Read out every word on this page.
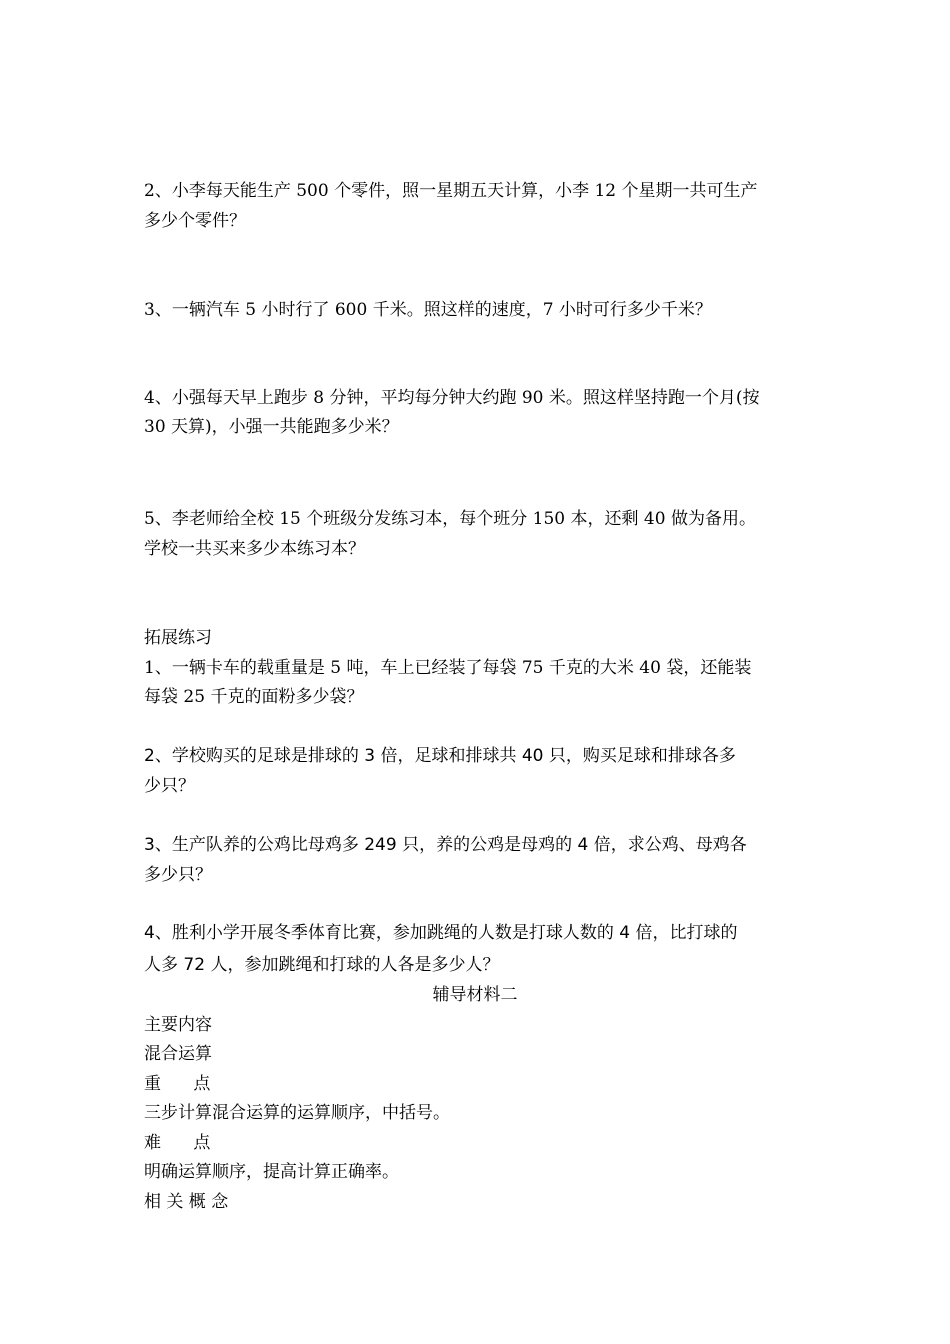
2、小李每天能生产 500 个零件，照一星期五天计算，小李 12 个星期一共可生产
多少个零件？
3、一辆汽车 5 小时行了 600 千米。照这样的速度，7 小时可行多少千米？
4、小强每天早上跑步 8 分钟，平均每分钟大约跑 90 米。照这样坚持跑一个月(按
30 天算)，小强一共能跑多少米？
5、李老师给全校 15 个班级分发练习本，每个班分 150 本，还剩 40 做为备用。
学校一共买来多少本练习本？
拓展练习
1、一辆卡车的载重量是 5 吨，车上已经装了每袋 75 千克的大米 40 袋，还能装
每袋 25 千克的面粉多少袋？
2、学校购买的足球是排球的 3 倍，足球和排球共 40 只，购买足球和排球各多
少只？
3、生产队养的公鸡比母鸡多 249 只，养的公鸡是母鸡的 4 倍，求公鸡、母鸡各
多少只？
4、胜利小学开展冬季体育比赛，参加跳绳的人数是打球人数的 4 倍，比打球的
人多 72 人，参加跳绳和打球的人各是多少人？
辅导材料二
主要内容
混合运算
重      点
三步计算混合运算的运算顺序，中括号。
难      点
明确运算顺序，提高计算正确率。
相 关 概 念
